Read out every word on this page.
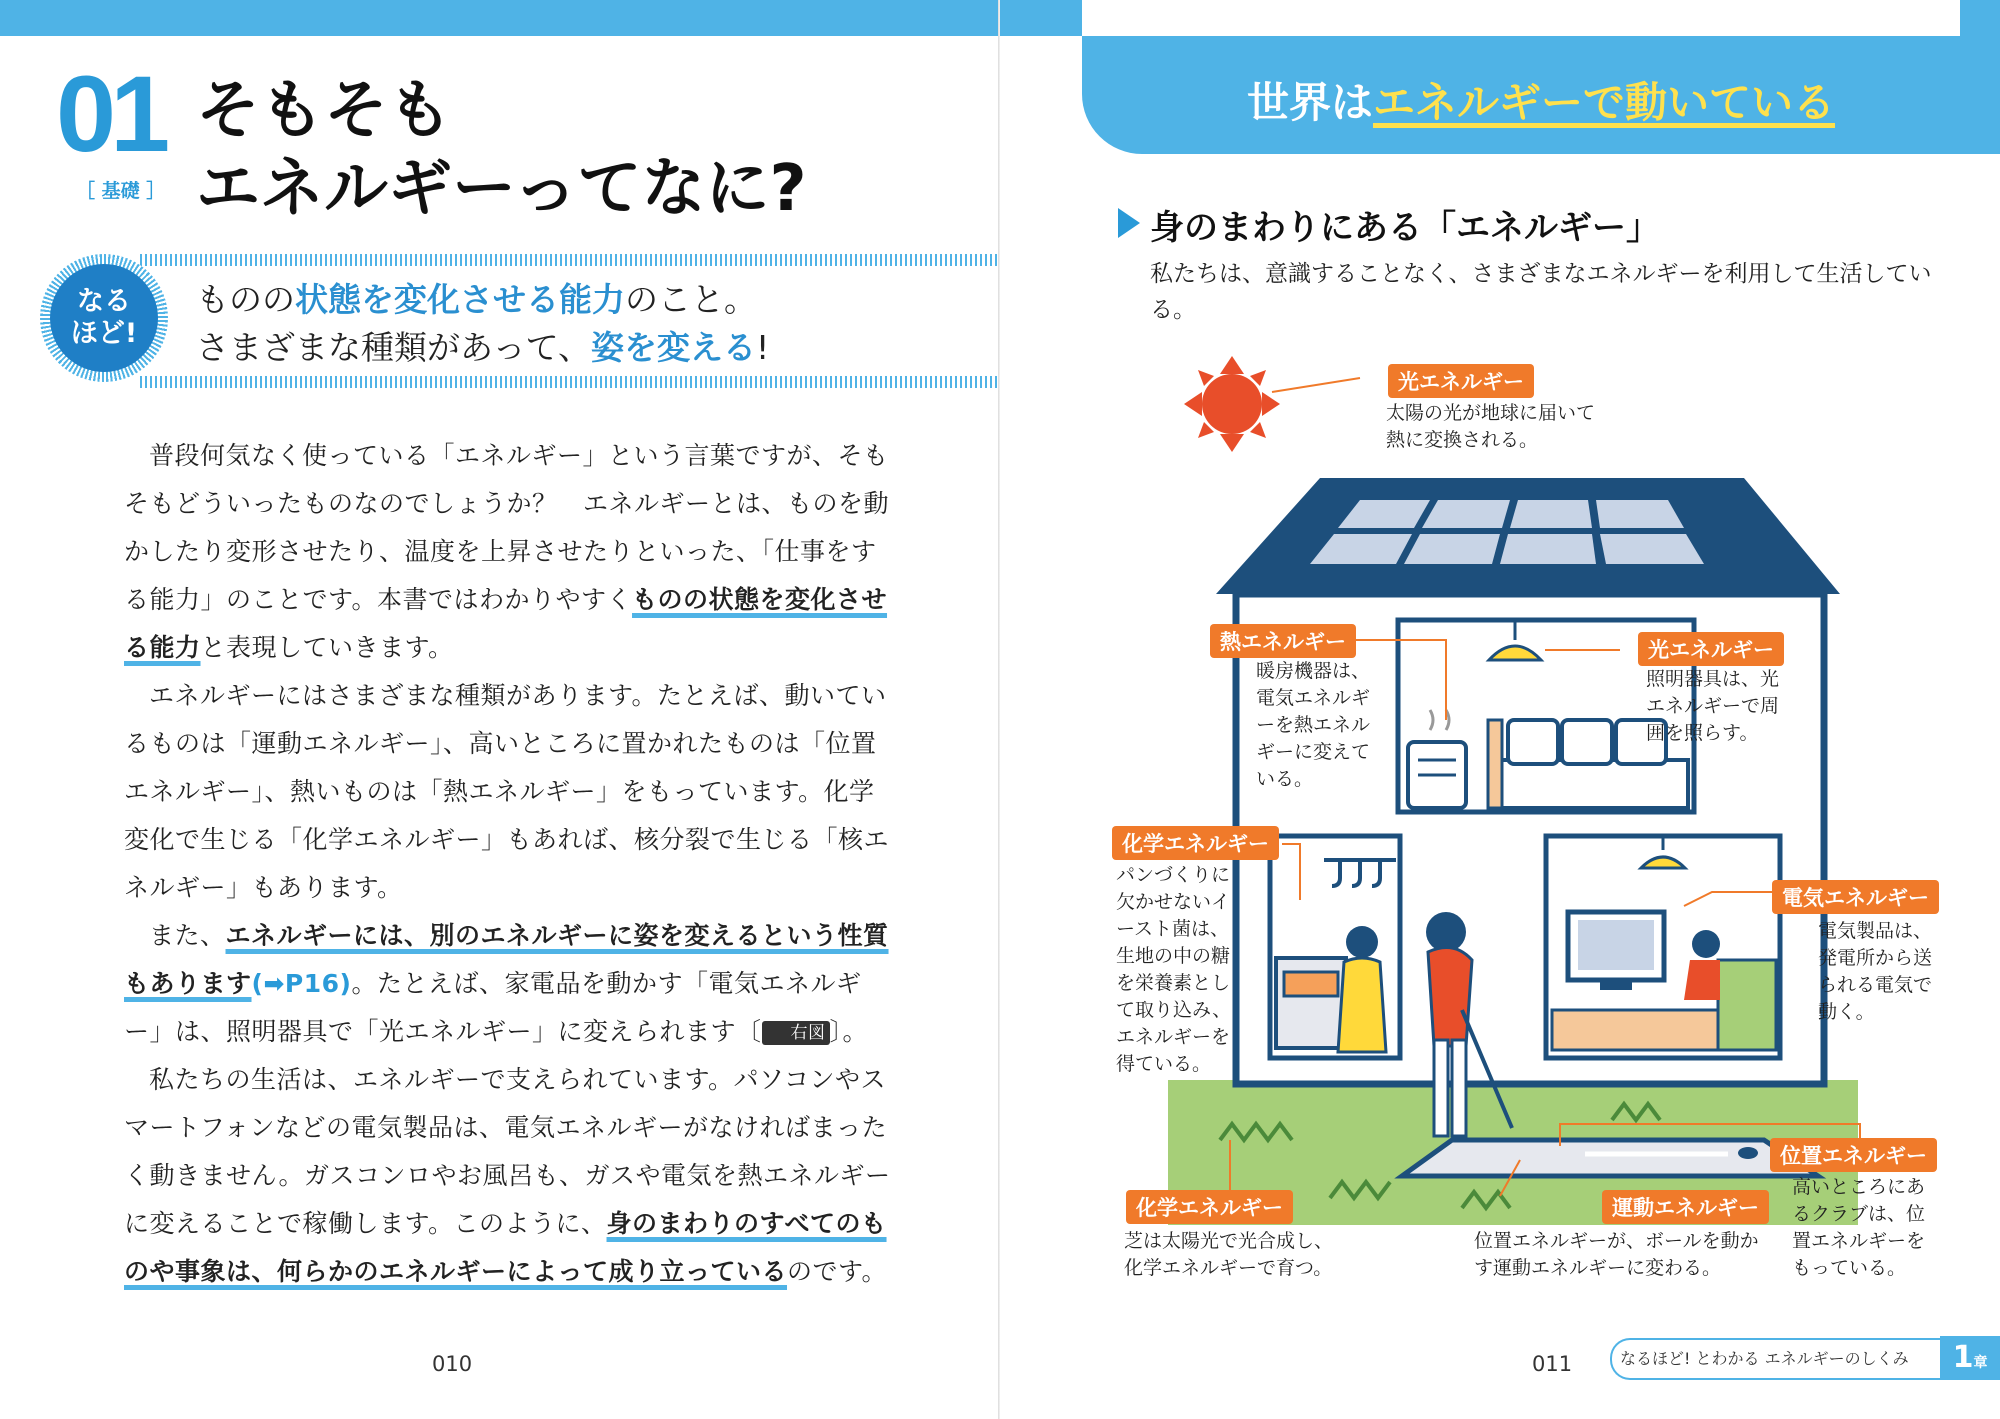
01
［ 基礎 ］
そもそも
エネルギーってなに?
なる
ほど!
ものの状態を変化させる能力のこと。
さまざまな種類があって、姿を変える!

普段何気なく使っている「エネルギー」という言葉ですが、そもそもどういったものなのでしょうか？　エネルギーとは、ものを動かしたり変形させたり、温度を上昇させたりといった、「仕事をする能力」のことです。本書ではわかりやすくものの状態を変化させる能力と表現していきます。

エネルギーにはさまざまな種類があります。たとえば、動いているものは「運動エネルギー」、高いところに置かれたものは「位置エネルギー」、熱いものは「熱エネルギー」をもっています。化学変化で生じる「化学エネルギー」もあれば、核分裂で生じる「核エネルギー」もあります。

また、エネルギーには、別のエネルギーに姿を変えるという性質もあります(➡P16)。たとえば、家電品を動かす「電気エネルギー」は、照明器具で「光エネルギー」に変えられます〔 右図 〕。

私たちの生活は、エネルギーで支えられています。パソコンやスマートフォンなどの電気製品は、電気エネルギーがなければまったく動きません。ガスコンロやお風呂も、ガスや電気を熱エネルギーに変えることで稼働します。このように、身のまわりのすべてのものや事象は、何らかのエネルギーによって成り立っているのです。

010
世界はエネルギーで動いている
身のまわりにある「エネルギー」
私たちは、意識することなく、さまざまなエネルギーを利用して生活している。
光エネルギー
太陽の光が地球に届いて
熱に変換される。
熱エネルギー
暖房機器は、
電気エネルギ
ーを熱エネル
ギーに変えて
いる。
光エネルギー
照明器具は、光
エネルギーで周
囲を照らす。
化学エネルギー
パンづくりに
欠かせないイ
ースト菌は、
生地の中の糖
を栄養素とし
て取り込み、
エネルギーを
得ている。
電気エネルギー
電気製品は、
発電所から送
られる電気で
動く。
位置エネルギー
高いところにあ
るクラブは、位
置エネルギーを
もっている。
化学エネルギー
芝は太陽光で光合成し、
化学エネルギーで育つ。
運動エネルギー
位置エネルギーが、ボールを動か
す運動エネルギーに変わる。
011	なるほど! とわかる エネルギーのしくみ	1章
